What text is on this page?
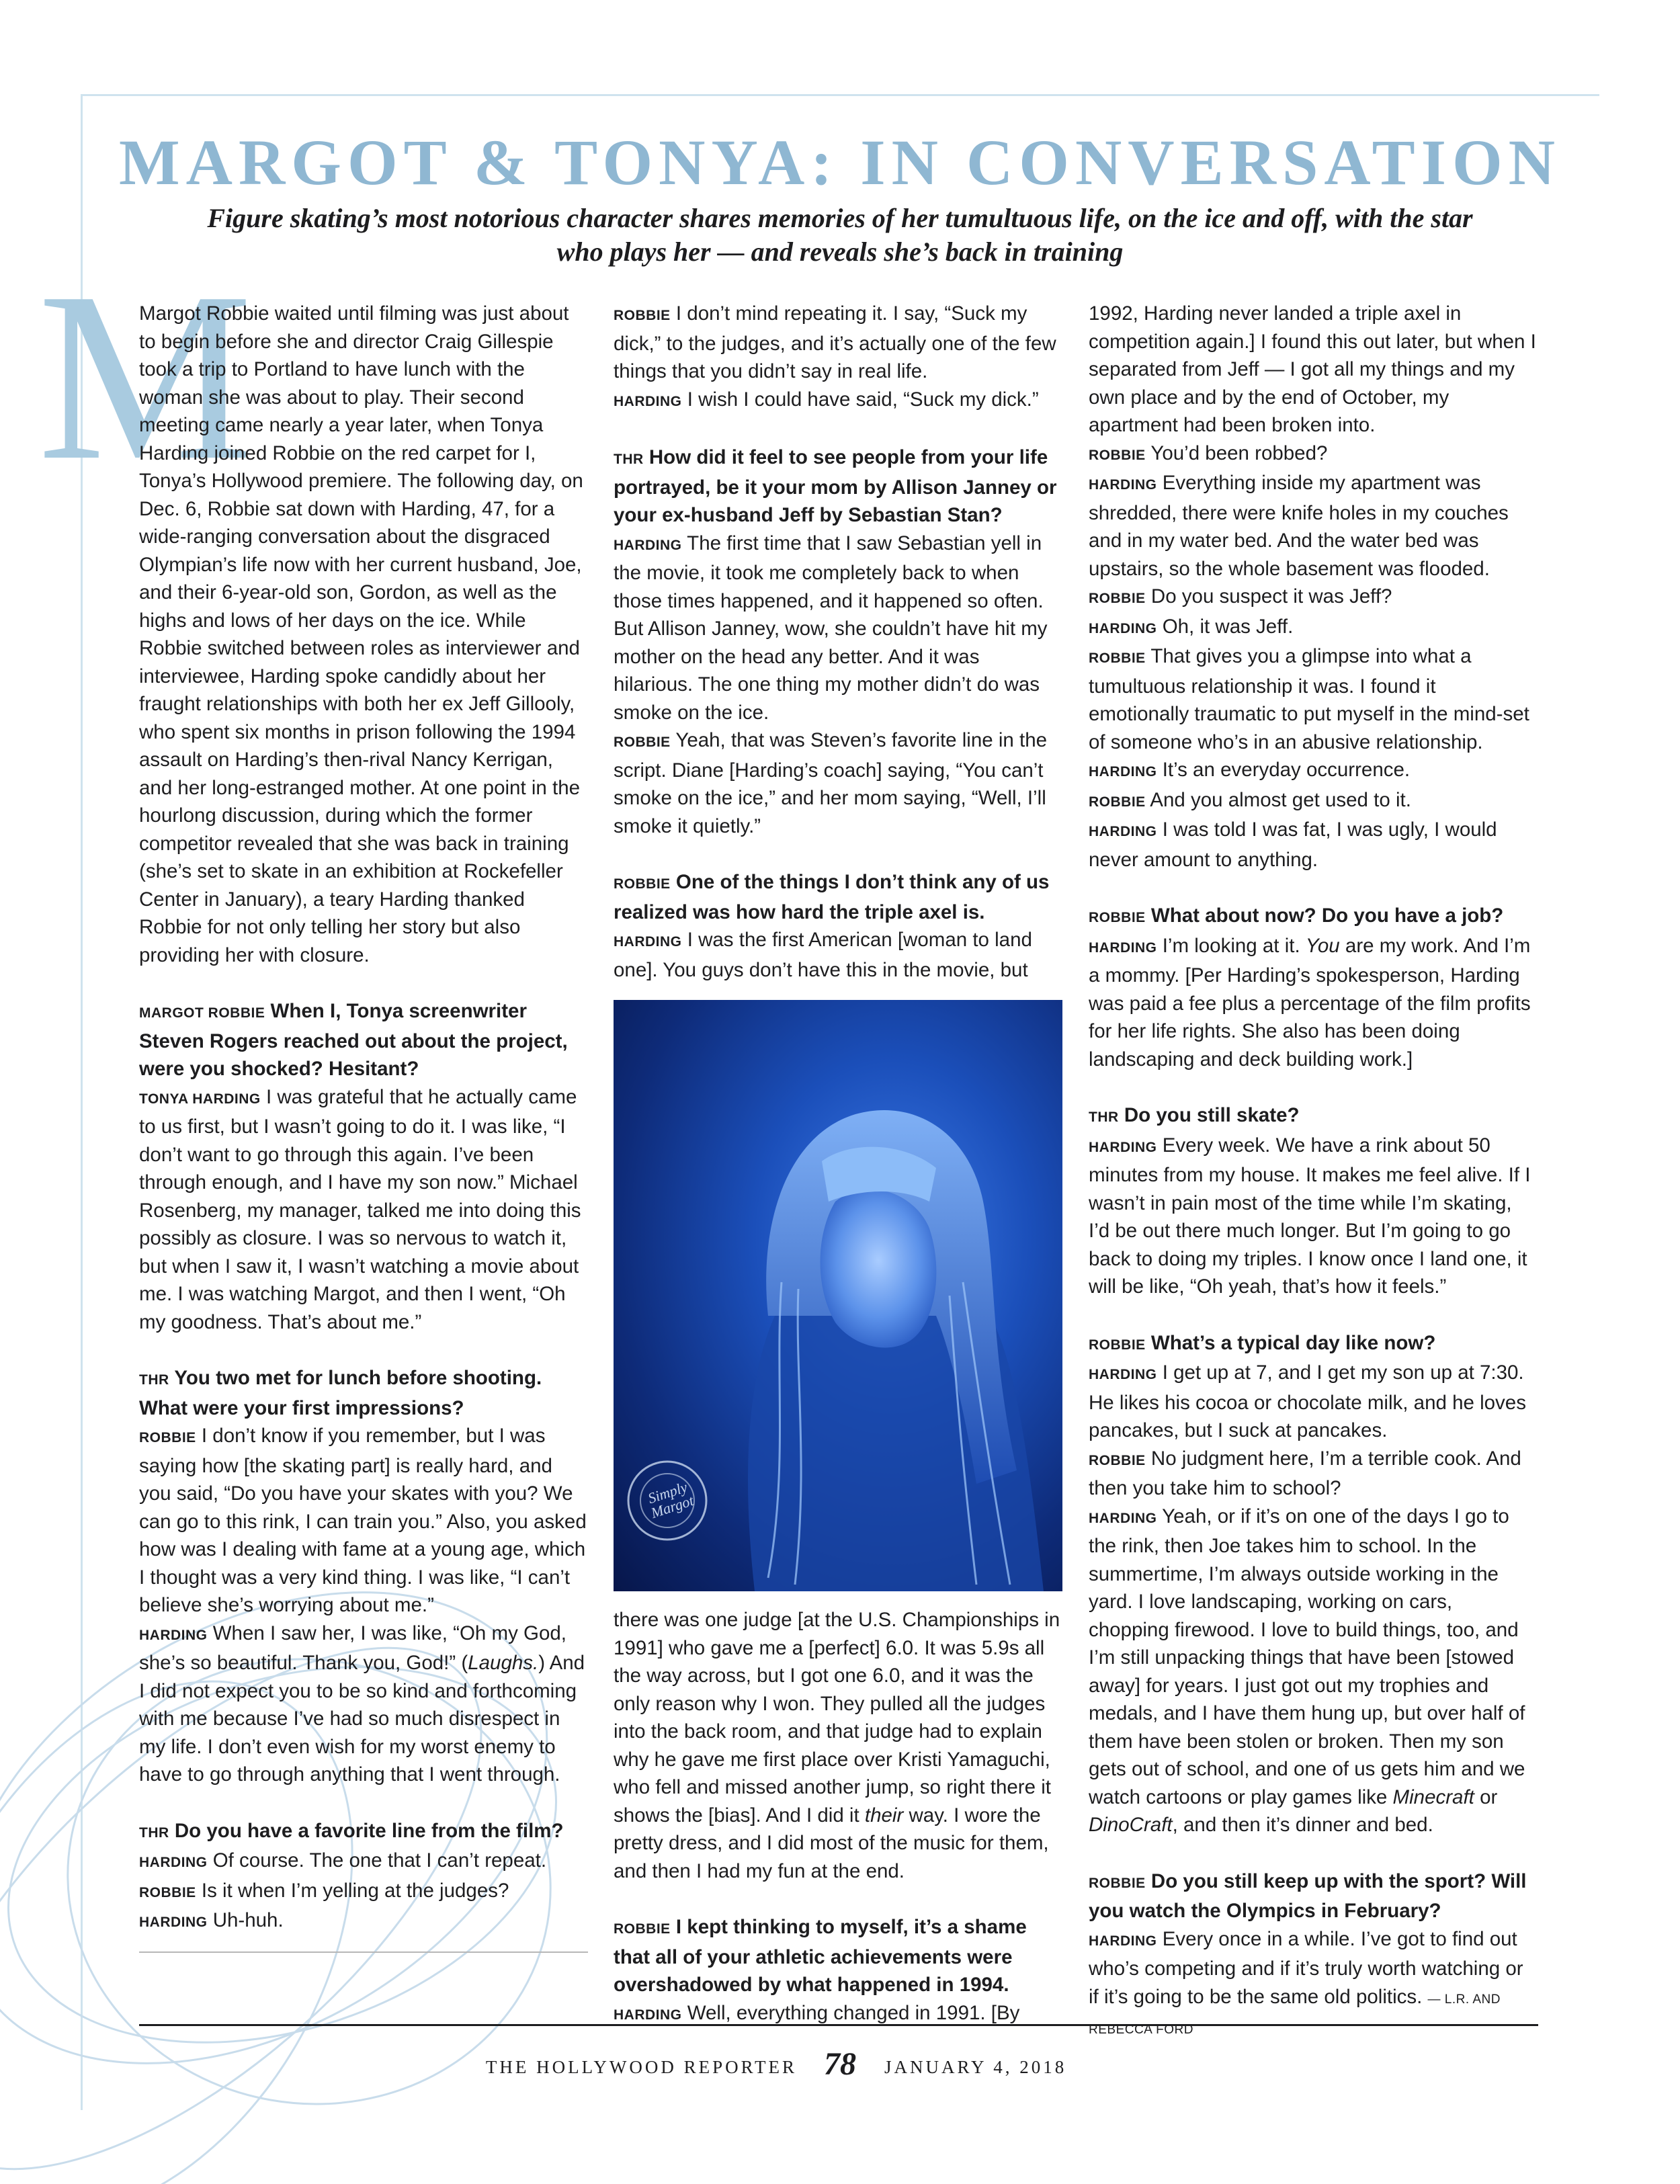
M
MARGOT & TONYA: IN CONVERSATION

Figure skating’s most notorious character shares memories of her tumultuous life, on the ice and off, with the star who plays her — and reveals she’s back in training

Margot Robbie waited until filming was just about to begin before she and director Craig Gillespie took a trip to Portland to have lunch with the woman she was about to play. Their second meeting came nearly a year later, when Tonya Harding joined Robbie on the red carpet for I, Tonya’s Hollywood premiere. The following day, on Dec. 6, Robbie sat down with Harding, 47, for a wide-ranging conversation about the disgraced Olympian’s life now with her current husband, Joe, and their 6-year-old son, Gordon, as well as the highs and lows of her days on the ice. While Robbie switched between roles as interviewer and interviewee, Harding spoke candidly about her fraught relationships with both her ex Jeff Gillooly, who spent six months in prison following the 1994 assault on Harding’s then-rival Nancy Kerrigan, and her long-estranged mother. At one point in the hourlong discussion, during which the former competitor revealed that she was back in training (she’s set to skate in an exhibition at Rockefeller Center in January), a teary Harding thanked Robbie for not only telling her story but also providing her with closure.

MARGOT ROBBIE When I, Tonya screenwriter Steven Rogers reached out about the project, were you shocked? Hesitant?

TONYA HARDING I was grateful that he actually came to us first, but I wasn’t going to do it. I was like, “I don’t want to go through this again. I’ve been through enough, and I have my son now.” Michael Rosenberg, my manager, talked me into doing this possibly as closure. I was so nervous to watch it, but when I saw it, I wasn’t watching a movie about me. I was watching Margot, and then I went, “Oh my goodness. That’s about me.”

THR You two met for lunch before shooting. What were your first impressions?

ROBBIE I don’t know if you remember, but I was saying how [the skating part] is really hard, and you said, “Do you have your skates with you? We can go to this rink, I can train you.” Also, you asked how was I dealing with fame at a young age, which I thought was a very kind thing. I was like, “I can’t believe she’s worrying about me.”

HARDING When I saw her, I was like, “Oh my God, she’s so beautiful. Thank you, God!” (Laughs.) And I did not expect you to be so kind and forthcoming with me because I’ve had so much disrespect in my life. I don’t even wish for my worst enemy to have to go through anything that I went through.

THR Do you have a favorite line from the film?

HARDING Of course. The one that I can’t repeat.

ROBBIE Is it when I’m yelling at the judges?

HARDING Uh-huh.

ROBBIE I don’t mind repeating it. I say, “Suck my dick,” to the judges, and it’s actually one of the few things that you didn’t say in real life.

HARDING I wish I could have said, “Suck my dick.”

THR How did it feel to see people from your life portrayed, be it your mom by Allison Janney or your ex-husband Jeff by Sebastian Stan?

HARDING The first time that I saw Sebastian yell in the movie, it took me completely back to when those times happened, and it happened so often. But Allison Janney, wow, she couldn’t have hit my mother on the head any better. And it was hilarious. The one thing my mother didn’t do was smoke on the ice.

ROBBIE Yeah, that was Steven’s favorite line in the script. Diane [Harding’s coach] saying, “You can’t smoke on the ice,” and her mom saying, “Well, I’ll smoke it quietly.”

ROBBIE One of the things I don’t think any of us realized was how hard the triple axel is.

HARDING I was the first American [woman to land one]. You guys don’t have this in the movie, but

Simply Margot

there was one judge [at the U.S. Championships in 1991] who gave me a [perfect] 6.0. It was 5.9s all the way across, but I got one 6.0, and it was the only reason why I won. They pulled all the judges into the back room, and that judge had to explain why he gave me first place over Kristi Yamaguchi, who fell and missed another jump, so right there it shows the [bias]. And I did it their way. I wore the pretty dress, and I did most of the music for them, and then I had my fun at the end.

ROBBIE I kept thinking to myself, it’s a shame that all of your athletic achievements were overshadowed by what happened in 1994.

HARDING Well, everything changed in 1991. [By

1992, Harding never landed a triple axel in competition again.] I found this out later, but when I separated from Jeff — I got all my things and my own place and by the end of October, my apartment had been broken into.

ROBBIE You’d been robbed?

HARDING Everything inside my apartment was shredded, there were knife holes in my couches and in my water bed. And the water bed was upstairs, so the whole basement was flooded.

ROBBIE Do you suspect it was Jeff?

HARDING Oh, it was Jeff.

ROBBIE That gives you a glimpse into what a tumultuous relationship it was. I found it emotionally traumatic to put myself in the mind-set of someone who’s in an abusive relationship.

HARDING It’s an everyday occurrence.

ROBBIE And you almost get used to it.

HARDING I was told I was fat, I was ugly, I would never amount to anything.

ROBBIE What about now? Do you have a job?

HARDING I’m looking at it. You are my work. And I’m a mommy. [Per Harding’s spokesperson, Harding was paid a fee plus a percentage of the film profits for her life rights. She also has been doing landscaping and deck building work.]

THR Do you still skate?

HARDING Every week. We have a rink about 50 minutes from my house. It makes me feel alive. If I wasn’t in pain most of the time while I’m skating, I’d be out there much longer. But I’m going to go back to doing my triples. I know once I land one, it will be like, “Oh yeah, that’s how it feels.”

ROBBIE What’s a typical day like now?

HARDING I get up at 7, and I get my son up at 7:30. He likes his cocoa or chocolate milk, and he loves pancakes, but I suck at pancakes.

ROBBIE No judgment here, I’m a terrible cook. And then you take him to school?

HARDING Yeah, or if it’s on one of the days I go to the rink, then Joe takes him to school. In the summertime, I’m always outside working in the yard. I love landscaping, working on cars, chopping firewood. I love to build things, too, and I’m still unpacking things that have been [stowed away] for years. I just got out my trophies and medals, and I have them hung up, but over half of them have been stolen or broken. Then my son gets out of school, and one of us gets him and we watch cartoons or play games like Minecraft or DinoCraft, and then it’s dinner and bed.

ROBBIE Do you still keep up with the sport? Will you watch the Olympics in February?

HARDING Every once in a while. I’ve got to find out who’s competing and if it’s truly worth watching or if it’s going to be the same old politics. — L.R. AND REBECCA FORD

THE HOLLYWOOD REPORTER 78	JANUARY 4, 2018
